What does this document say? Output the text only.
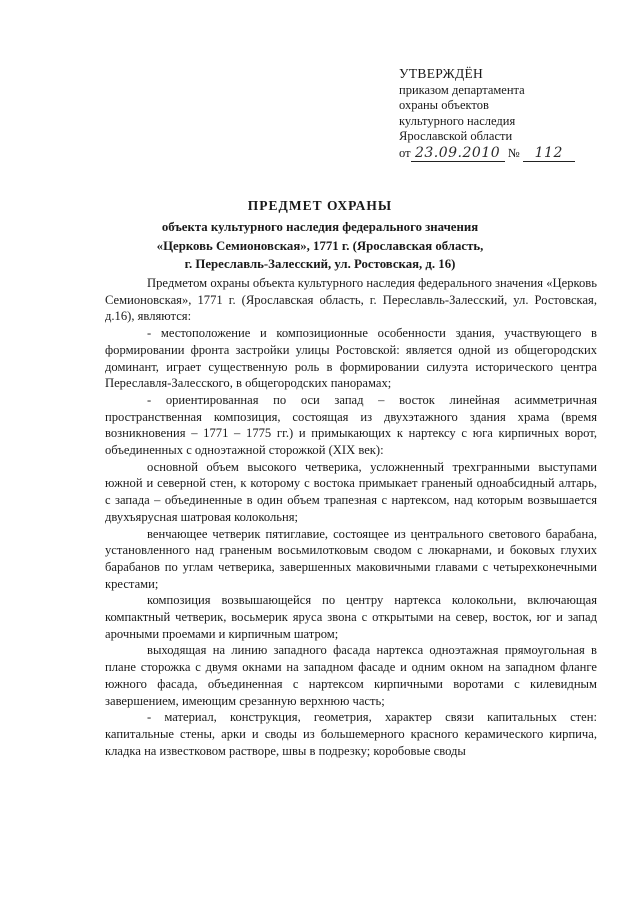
УТВЕРЖДЁН
приказом департамента
охраны объектов
культурного наследия
Ярославской области
от 23.09.2010 № 112
ПРЕДМЕТ ОХРАНЫ
объекта культурного наследия федерального значения
«Церковь Семионовская», 1771 г. (Ярославская область,
г. Переславль-Залесский, ул. Ростовская, д. 16)

Предметом охраны объекта культурного наследия федерального значения «Церковь Семионовская», 1771 г. (Ярославская область, г. Переславль-Залесский, ул. Ростовская, д.16), являются:

- местоположение и композиционные особенности здания, участвующего в формировании фронта застройки улицы Ростовской: является одной из общегородских доминант, играет существенную роль в формировании силуэта исторического центра Переславля-Залесского, в общегородских панорамах;

- ориентированная по оси запад – восток линейная асимметричная пространственная композиция, состоящая из двухэтажного здания храма (время возникновения – 1771 – 1775 гг.) и примыкающих к нартексу с юга кирпичных ворот, объединенных с одноэтажной сторожкой (XIX век):

основной объем высокого четверика, усложненный трехгранными выступами южной и северной стен, к которому с востока примыкает граненый одноабсидный алтарь, с запада – объединенные в один объем трапезная с нартексом, над которым возвышается двухъярусная шатровая колокольня;

венчающее четверик пятиглавие, состоящее из центрального светового барабана, установленного над граненым восьмилотковым сводом с люкарнами, и боковых глухих барабанов по углам четверика, завершенных маковичными главами с четырехконечными крестами;

композиция возвышающейся по центру нартекса колокольни, включающая компактный четверик, восьмерик яруса звона с открытыми на север, восток, юг и запад арочными проемами и кирпичным шатром;

выходящая на линию западного фасада нартекса одноэтажная прямоугольная в плане сторожка с двумя окнами на западном фасаде и одним окном на западном фланге южного фасада, объединенная с нартексом кирпичными воротами с килевидным завершением, имеющим срезанную верхнюю часть;

- материал, конструкция, геометрия, характер связи капитальных стен: капитальные стены, арки и своды из большемерного красного керамического кирпича, кладка на известковом растворе, швы в подрезку; коробовые своды
